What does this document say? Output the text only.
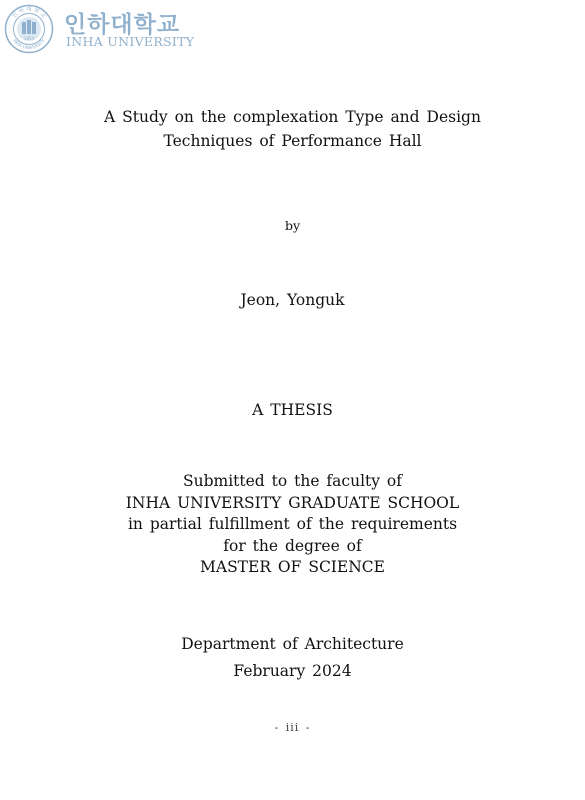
1954
인 하 대 학 교
INHA UNIVERSITY
인하대학교
INHA UNIVERSITY
A Study on the complexation Type and Design
Techniques of Performance Hall
by
Jeon, Yonguk
A THESIS
Submitted to the faculty of
INHA UNIVERSITY GRADUATE SCHOOL
in partial fulfillment of the requirements
for the degree of
MASTER OF SCIENCE
Department of Architecture
February 2024
- iii -
